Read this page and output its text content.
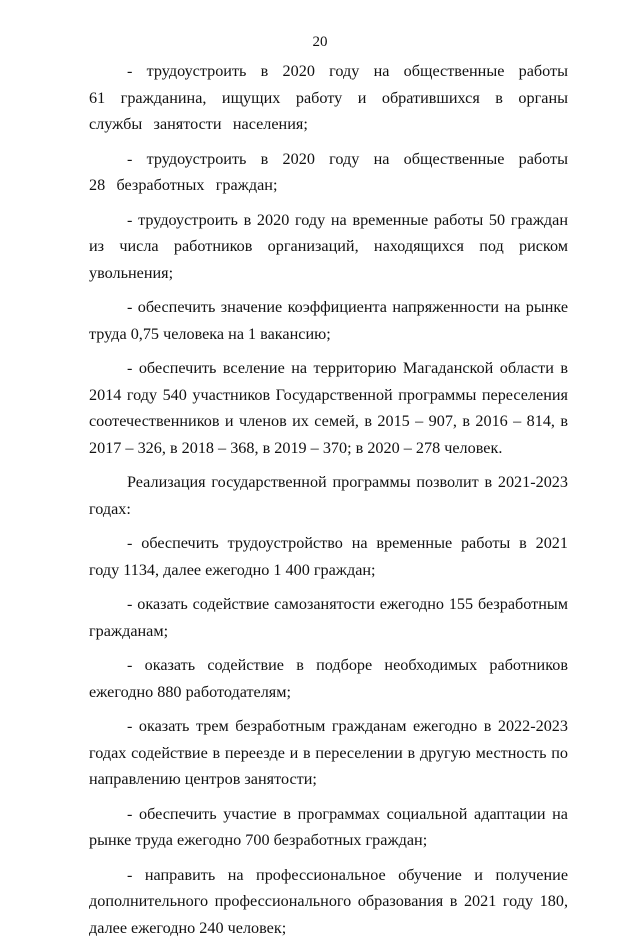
20

- трудоустроить в 2020 году на общественные работы 61 гражданина, ищущих работу и обратившихся в органы службы занятости населения;

- трудоустроить в 2020 году на общественные работы 28 безработных граждан;

- трудоустроить в 2020 году на временные работы 50 граждан из числа работников организаций, находящихся под риском увольнения;

- обеспечить значение коэффициента напряженности на рынке труда 0,75 человека на 1 вакансию;

- обеспечить вселение на территорию Магаданской области в 2014 году 540 участников Государственной программы переселения соотечественников и членов их семей, в 2015 – 907, в 2016 – 814, в 2017 – 326, в 2018 – 368, в 2019 – 370; в 2020 – 278 человек.

Реализация государственной программы позволит в 2021-2023 годах:

- обеспечить трудоустройство на временные работы в 2021 году 1134, далее ежегодно 1 400 граждан;

- оказать содействие самозанятости ежегодно 155 безработным гражданам;

- оказать содействие в подборе необходимых работников ежегодно 880 работодателям;

- оказать трем безработным гражданам ежегодно в 2022-2023 годах содействие в переезде и в переселении в другую местность по направлению центров занятости;

- обеспечить участие в программах социальной адаптации на рынке труда ежегодно 700 безработных граждан;

- направить на профессиональное обучение и получение дополнительного профессионального образования в 2021 году 180, далее ежегодно 240 человек;
